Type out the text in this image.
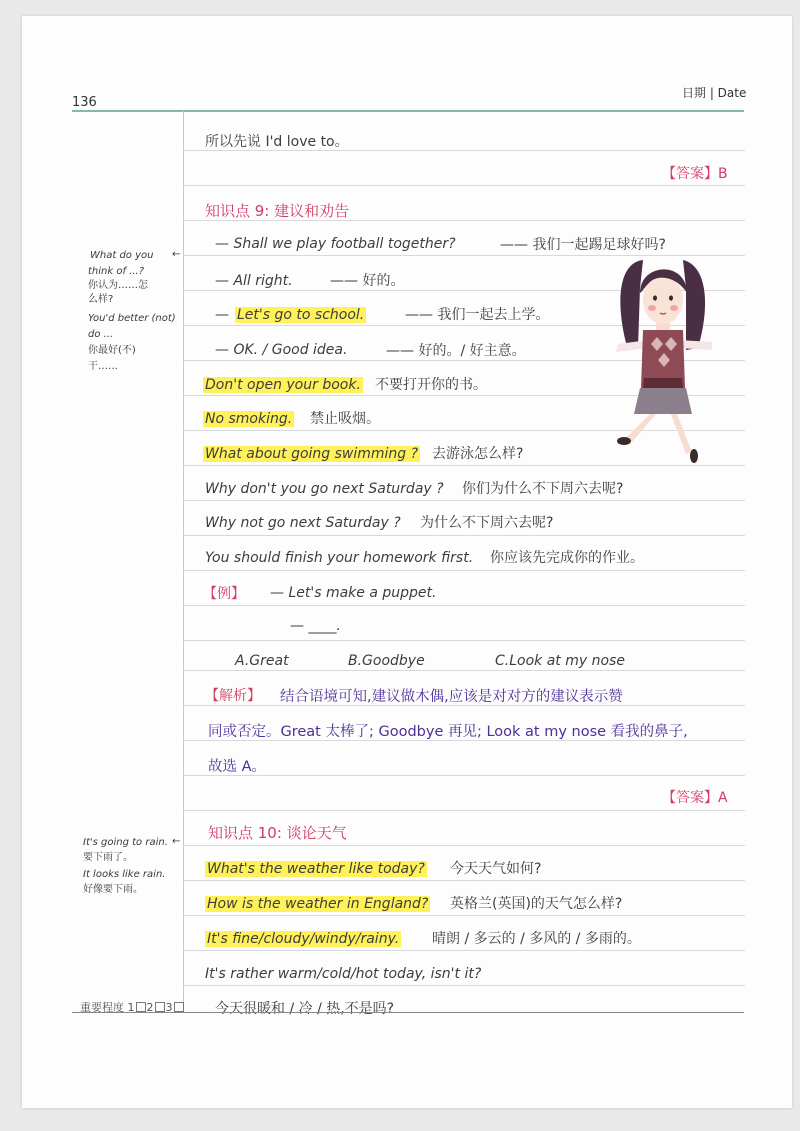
136
日期 | Date
What do you ←
think of ...?
你认为……怎
么样?
You'd better (not)
do ...
你最好(不)
干……
It's going to rain. ←
要下雨了。
It looks like rain.
好像要下雨。
所以先说 I'd love to。
【答案】B
知识点 9: 建议和劝告
— Shall we play football together?	—— 我们一起踢足球好吗?
— All right.	—— 好的。
— Let's go to school.	—— 我们一起去上学。
— OK. / Good idea.	—— 好的。/ 好主意。
Don't open your book. 不要打开你的书。
No smoking. 禁止吸烟。
What about going swimming ? 去游泳怎么样?
Why don't you go next Saturday ? 你们为什么不下周六去呢?
Why not go next Saturday ? 为什么不下周六去呢?
You should finish your homework first. 你应该先完成你的作业。
【例】 — Let's make a puppet.
— ____.
A.Great	B.Goodbye	C.Look at my nose
【解析】 结合语境可知,建议做木偶,应该是对对方的建议表示赞
同或否定。Great 太棒了; Goodbye 再见; Look at my nose 看我的鼻子,
故选 A。
【答案】A
知识点 10: 谈论天气
What's the weather like today? 今天天气如何?
How is the weather in England? 英格兰(英国)的天气怎么样?
It's fine/cloudy/windy/rainy. 晴朗 / 多云的 / 多风的 / 多雨的。
It's rather warm/cold/hot today, isn't it?
今天很暖和 / 冷 / 热,不是吗?
重要程度 1 2 3
